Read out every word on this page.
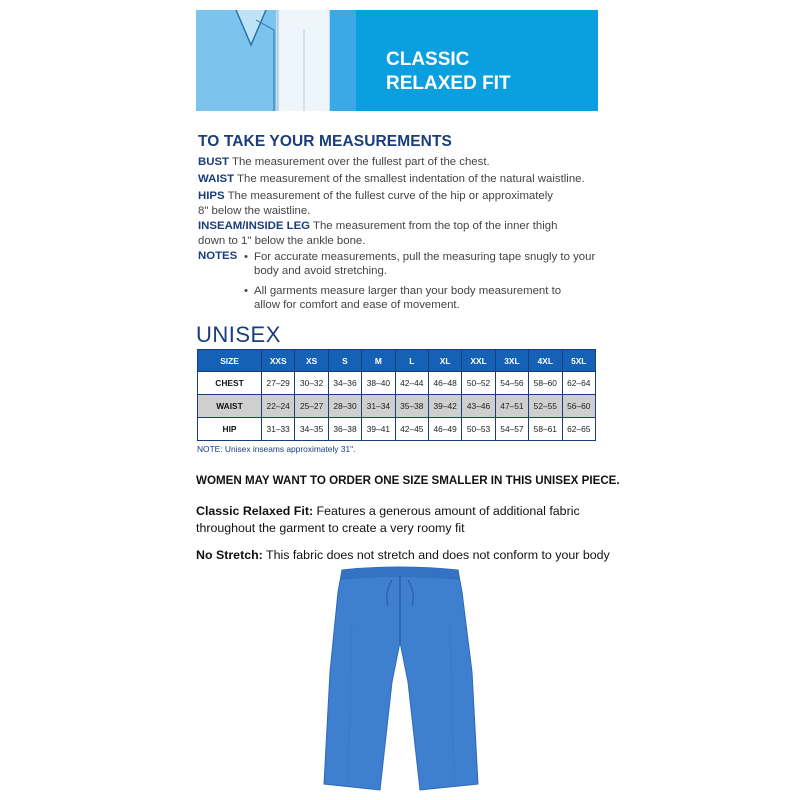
CLASSIC
RELAXED FIT
TO TAKE YOUR MEASUREMENTS
BUST The measurement over the fullest part of the chest.
WAIST The measurement of the smallest indentation of the natural waistline.
HIPS The measurement of the fullest curve of the hip or approximately
8" below the waistline.
INSEAM/INSIDE LEG The measurement from the top of the inner thigh
down to 1" below the ankle bone.
NOTES • For accurate measurements, pull the measuring tape snugly to your
body and avoid stretching.
• All garments measure larger than your body measurement to
allow for comfort and ease of movement.
UNISEX
SIZE	XXS	XS	S	M	L	XL	XXL	3XL	4XL	5XL
CHEST	27–29	30–32	34–36	38–40	42–44	46–48	50–52	54–56	58–60	62–64
WAIST	22–24	25–27	28–30	31–34	35–38	39–42	43–46	47–51	52–55	56–60
HIP	31–33	34–35	36–38	39–41	42–45	46–49	50–53	54–57	58–61	62–65
NOTE: Unisex inseams approximately 31".
WOMEN MAY WANT TO ORDER ONE SIZE SMALLER IN THIS UNISEX PIECE.
Classic Relaxed Fit: Features a generous amount of additional fabric throughout the garment to create a very roomy fit
No Stretch: This fabric does not stretch and does not conform to your body
